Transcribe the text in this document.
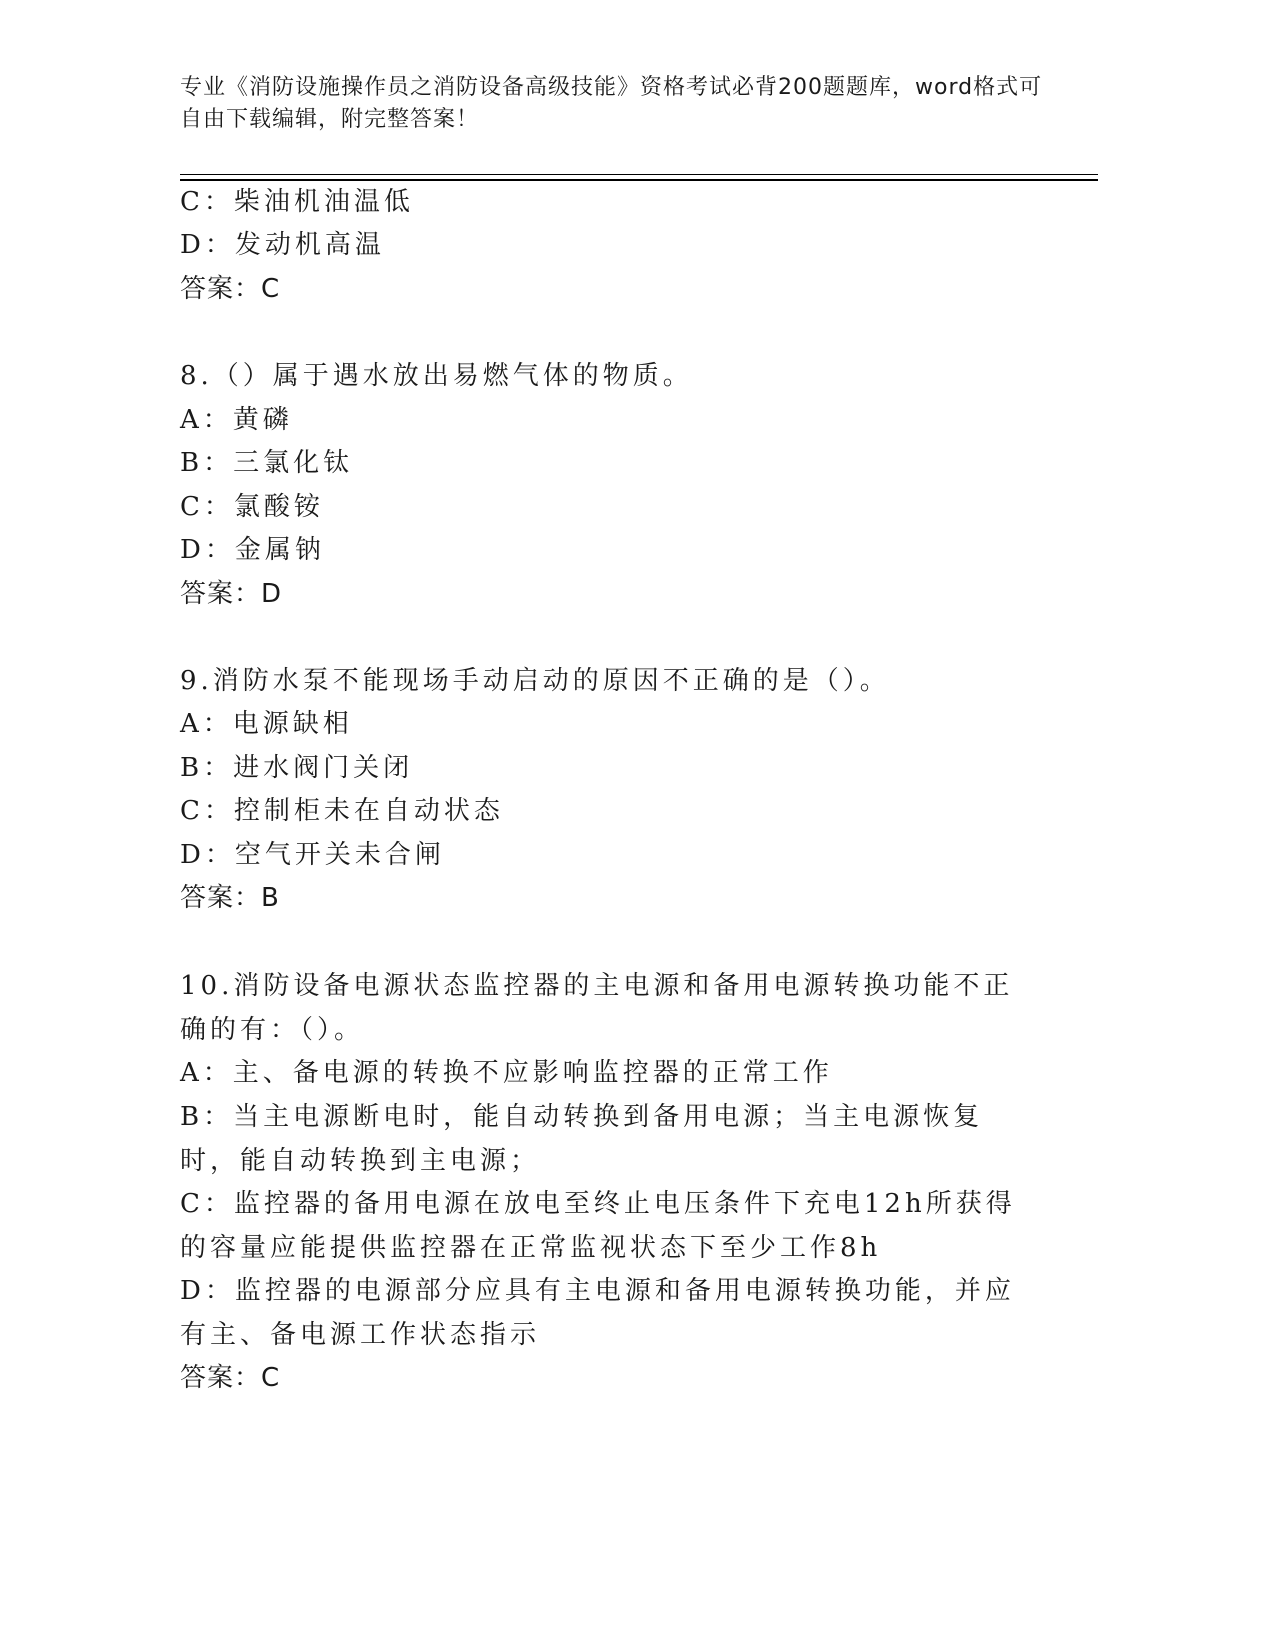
专业《消防设施操作员之消防设备高级技能》资格考试必背200题题库，word格式可自由下载编辑，附完整答案！
C：柴油机油温低
D：发动机高温
答案：C
8.（）属于遇水放出易燃气体的物质。
A：黄磷
B：三氯化钛
C：氯酸铵
D：金属钠
答案：D
9.消防水泵不能现场手动启动的原因不正确的是（）。
A：电源缺相
B：进水阀门关闭
C：控制柜未在自动状态
D：空气开关未合闸
答案：B
10.消防设备电源状态监控器的主电源和备用电源转换功能不正确的有：（）。
A：主、备电源的转换不应影响监控器的正常工作
B：当主电源断电时，能自动转换到备用电源；当主电源恢复时，能自动转换到主电源；
C：监控器的备用电源在放电至终止电压条件下充电12h所获得的容量应能提供监控器在正常监视状态下至少工作8h
D：监控器的电源部分应具有主电源和备用电源转换功能，并应有主、备电源工作状态指示
答案：C
